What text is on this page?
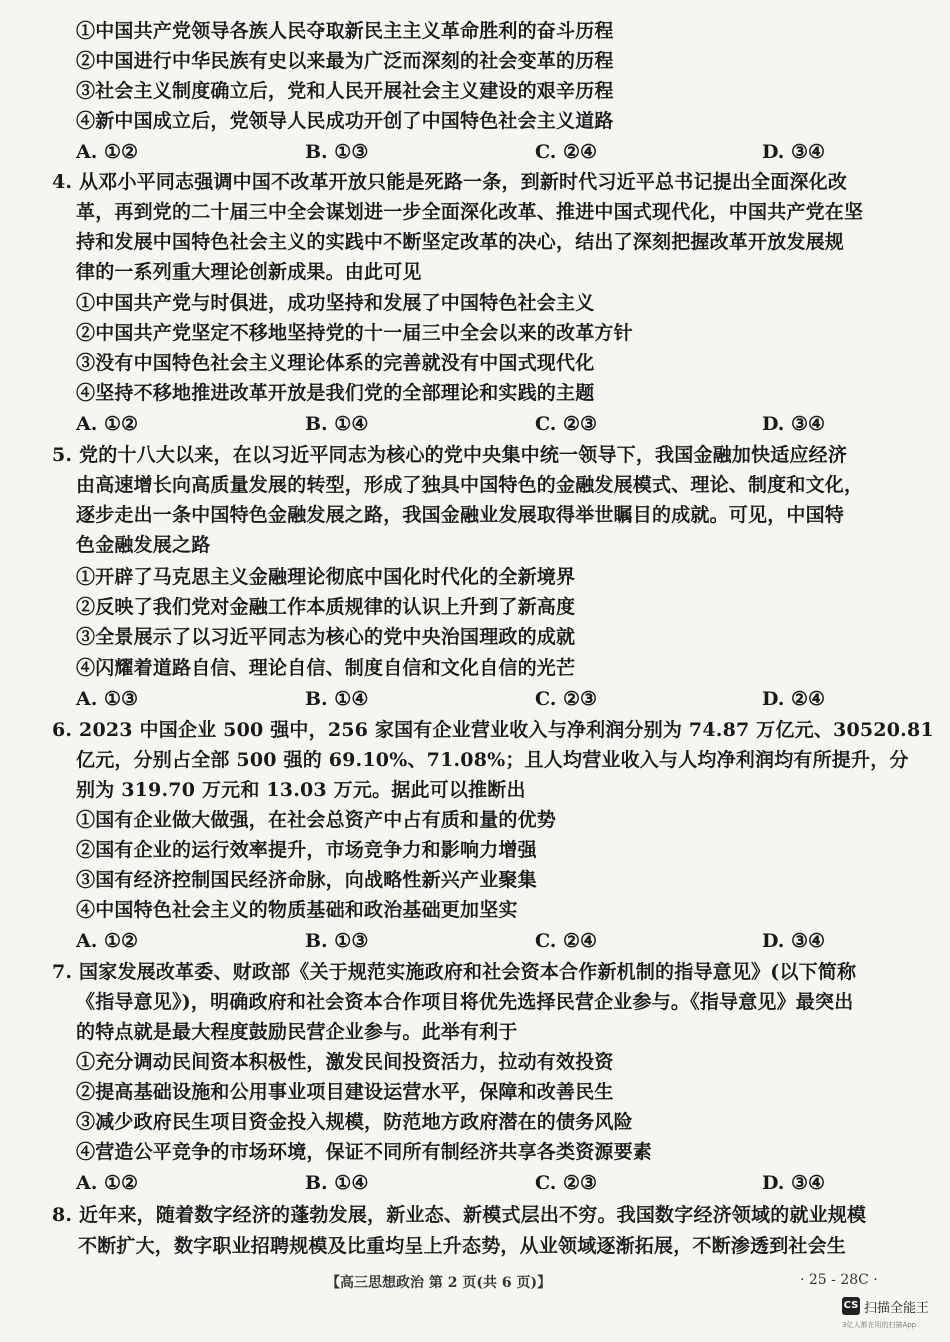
①中国共产党领导各族人民夺取新民主主义革命胜利的奋斗历程
②中国进行中华民族有史以来最为广泛而深刻的社会变革的历程
③社会主义制度确立后，党和人民开展社会主义建设的艰辛历程
④新中国成立后，党领导人民成功开创了中国特色社会主义道路
A. ①②	B. ①③	C. ②④	D. ③④
4. 从邓小平同志强调中国不改革开放只能是死路一条，到新时代习近平总书记提出全面深化改
革，再到党的二十届三中全会谋划进一步全面深化改革、推进中国式现代化，中国共产党在坚
持和发展中国特色社会主义的实践中不断坚定改革的决心，结出了深刻把握改革开放发展规
律的一系列重大理论创新成果。由此可见
①中国共产党与时俱进，成功坚持和发展了中国特色社会主义
②中国共产党坚定不移地坚持党的十一届三中全会以来的改革方针
③没有中国特色社会主义理论体系的完善就没有中国式现代化
④坚持不移地推进改革开放是我们党的全部理论和实践的主题
A. ①②	B. ①④	C. ②③	D. ③④
5. 党的十八大以来，在以习近平同志为核心的党中央集中统一领导下，我国金融加快适应经济
由高速增长向高质量发展的转型，形成了独具中国特色的金融发展模式、理论、制度和文化，
逐步走出一条中国特色金融发展之路，我国金融业发展取得举世瞩目的成就。可见，中国特
色金融发展之路
①开辟了马克思主义金融理论彻底中国化时代化的全新境界
②反映了我们党对金融工作本质规律的认识上升到了新高度
③全景展示了以习近平同志为核心的党中央治国理政的成就
④闪耀着道路自信、理论自信、制度自信和文化自信的光芒
A. ①③	B. ①④	C. ②③	D. ②④
6. 2023 中国企业 500 强中，256 家国有企业营业收入与净利润分别为 74.87 万亿元、30520.81
亿元，分别占全部 500 强的 69.10%、71.08%；且人均营业收入与人均净利润均有所提升，分
别为 319.70 万元和 13.03 万元。据此可以推断出
①国有企业做大做强，在社会总资产中占有质和量的优势
②国有企业的运行效率提升，市场竞争力和影响力增强
③国有经济控制国民经济命脉，向战略性新兴产业聚集
④中国特色社会主义的物质基础和政治基础更加坚实
A. ①②	B. ①③	C. ②④	D. ③④
7. 国家发展改革委、财政部《关于规范实施政府和社会资本合作新机制的指导意见》(以下简称
《指导意见》)，明确政府和社会资本合作项目将优先选择民营企业参与。《指导意见》最突出
的特点就是最大程度鼓励民营企业参与。此举有利于
①充分调动民间资本积极性，激发民间投资活力，拉动有效投资
②提高基础设施和公用事业项目建设运营水平，保障和改善民生
③减少政府民生项目资金投入规模，防范地方政府潜在的债务风险
④营造公平竞争的市场环境，保证不同所有制经济共享各类资源要素
A. ①②	B. ①④	C. ②③	D. ③④
8. 近年来，随着数字经济的蓬勃发展，新业态、新模式层出不穷。我国数字经济领域的就业规模
不断扩大，数字职业招聘规模及比重均呈上升态势，从业领域逐渐拓展，不断渗透到社会生
【高三思想政治 第 2 页(共 6 页)】	· 25 - 28C ·
CS 扫描全能王
3亿人都在用的扫描App
